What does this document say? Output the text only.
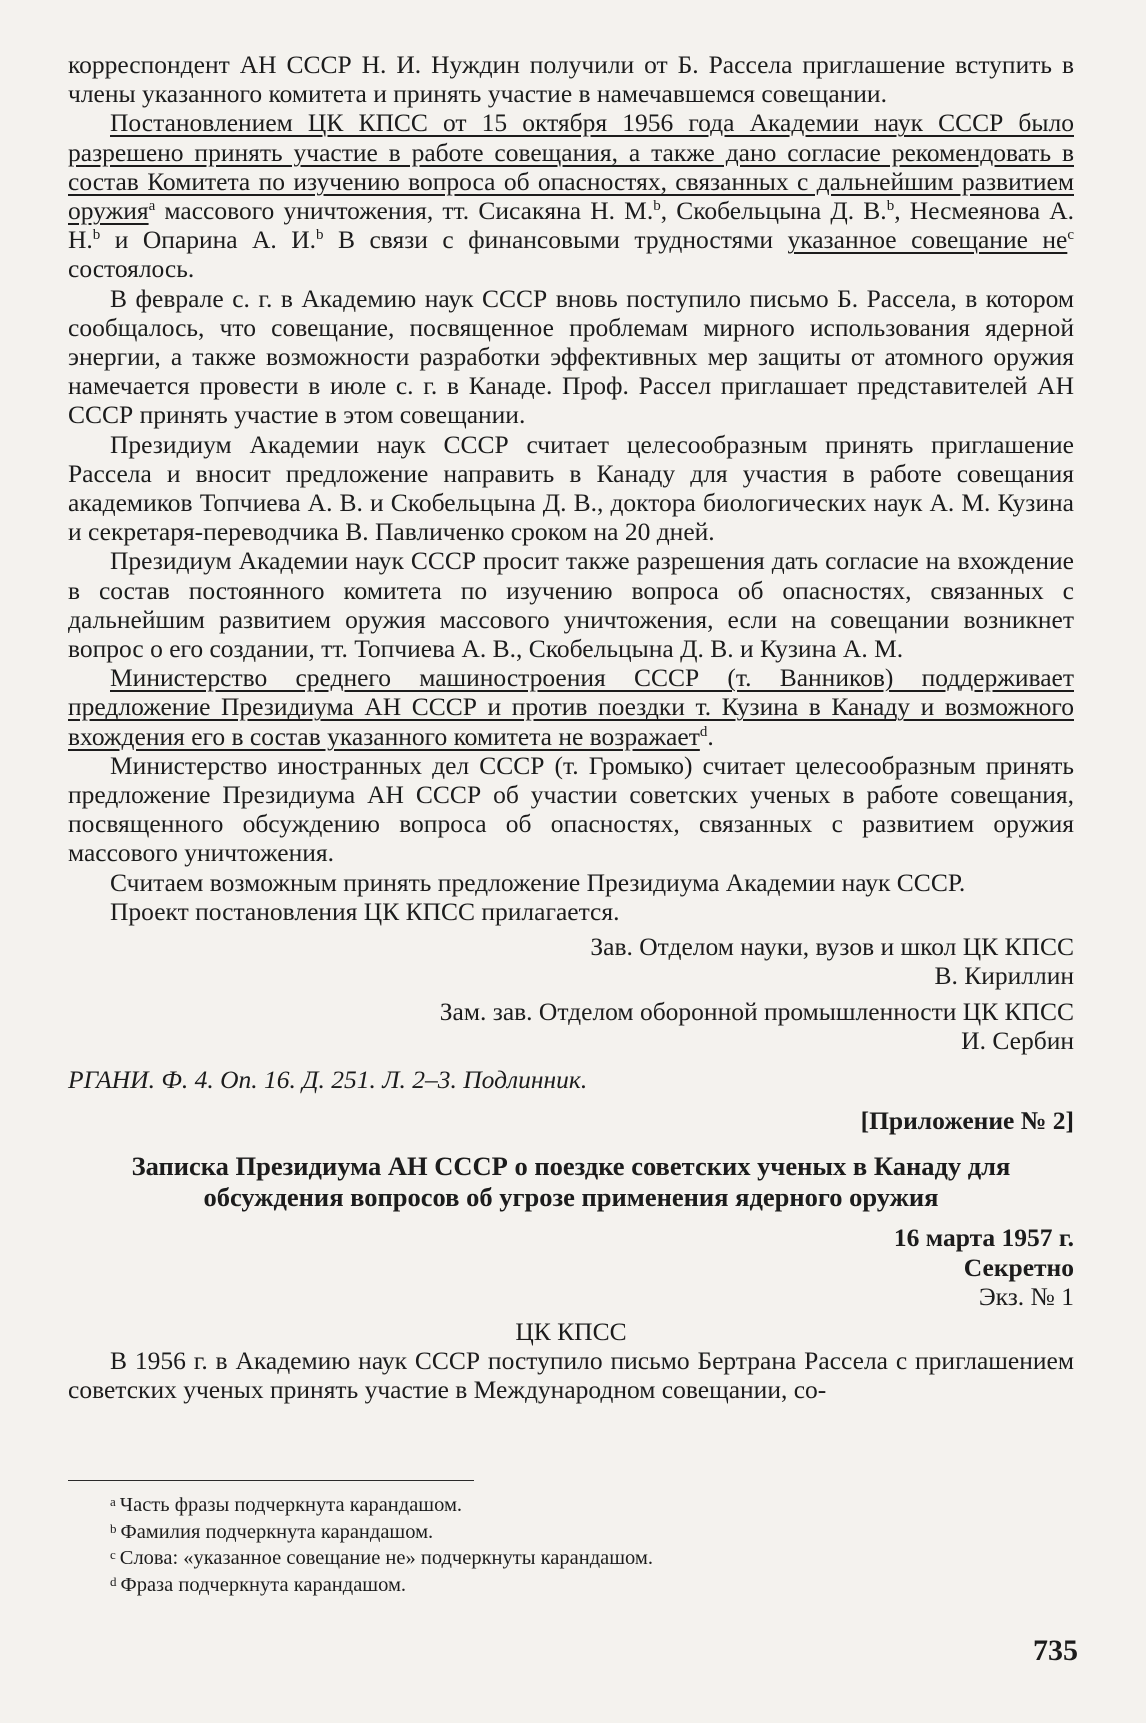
корреспондент АН СССР Н. И. Нуждин получили от Б. Рассела приглашение вступить в члены указанного комитета и принять участие в намечавшемся совещании.

Постановлением ЦК КПСС от 15 октября 1956 года Академии наук СССР было разрешено принять участие в работе совещания, а также дано согласие рекомендовать в состав Комитета по изучению вопроса об опасностях, связанных с дальнейшим развитием оружия$^a$ массового уничтожения, тт. Сисакяна Н. М.$^b$, Скобельцына Д. В.$^b$, Несмеянова А. Н.$^b$ и Опарина А. И.$^b$ В связи с финансовыми трудностями указанное совещание $не^c$ состоялось.

В феврале с. г. в Академию наук СССР вновь поступило письмо Б. Рассела, в котором сообщалось, что совещание, посвященное проблемам мирного использования ядерной энергии, а также возможности разработки эффективных мер защиты от атомного оружия намечается провести в июле с. г. в Канаде. Проф. Рассел приглашает представителей АН СССР принять участие в этом совещании.

Президиум Академии наук СССР считает целесообразным принять приглашение Рассела и вносит предложение направить в Канаду для участия в работе совещания академиков Топчиева А. В. и Скобельцына Д. В., доктора биологических наук А. М. Кузина и секретаря-переводчика В. Павличенко сроком на 20 дней.

Президиум Академии наук СССР просит также разрешения дать согласие на вхождение в состав постоянного комитета по изучению вопроса об опасностях, связанных с дальнейшим развитием оружия массового уничтожения, если на совещании возникнет вопрос о его создании, тт. Топчиева А. В., Скобельцына Д. В. и Кузина А. М.

Министерство среднего машиностроения СССР (т. Ванников) поддерживает предложение Президиума АН СССР и против поездки т. Кузина в Канаду и возможного вхождения его в состав указанного комитета не возражает$^d$.

Министерство иностранных дел СССР (т. Громыко) считает целесообразным принять предложение Президиума АН СССР об участии советских ученых в работе совещания, посвященного обсуждению вопроса об опасностях, связанных с развитием оружия массового уничтожения.

Считаем возможным принять предложение Президиума Академии наук СССР.

Проект постановления ЦК КПСС прилагается.

Зав. Отделом науки, вузов и школ ЦК КПСС

В. Кириллин

Зам. зав. Отделом оборонной промышленности ЦК КПСС

И. Сербин

РГАНИ. Ф. 4. Оп. 16. Д. 251. Л. 2–3. Подлинник.

[Приложение № 2]

Записка Президиума АН СССР о поездке советских ученых в Канаду для обсуждения вопросов об угрозе применения ядерного оружия

16 марта 1957 г.

Секретно

Экз. № 1

ЦК КПСС

В 1956 г. в Академию наук СССР поступило письмо Бертрана Рассела с приглашением советских ученых принять участие в Международном совещании, со-

$^a$ Часть фразы подчеркнута карандашом.

$^b$ Фамилия подчеркнута карандашом.

$^c$ Слова: «указанное совещание не» подчеркнуты карандашом.

$^d$ Фраза подчеркнута карандашом.

735
